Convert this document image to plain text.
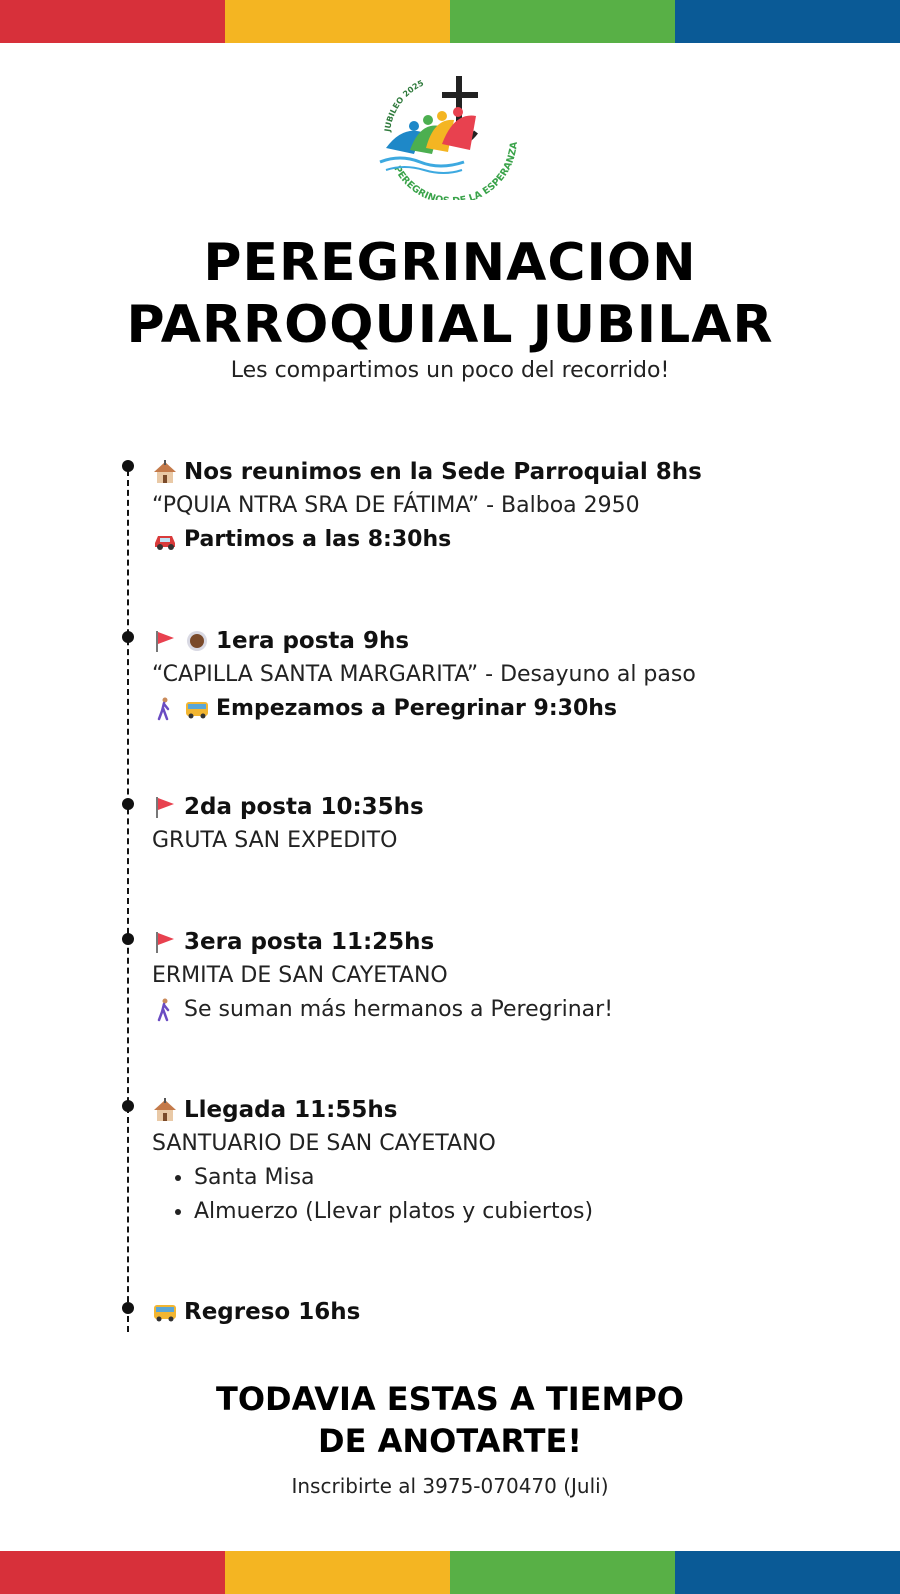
JUBILEO 2025
PEREGRINO LA ESPERANZA
PEREGRINACION
PARROQUIAL JUBILAR
Les compartimos un poco del recorrido!
Nos reunimos en la Sede Parroquial 8hs
“PQUIA NTRA SRA DE FÁTIMA” - Balboa 2950
Partimos a las 8:30hs
1era posta 9hs
“CAPILLA SANTA MARGARITA” - Desayuno al paso
Empezamos a Peregrinar 9:30hs
2da posta 10:35hs
GRUTA SAN EXPEDITO
3era posta 11:25hs
ERMITA DE SAN CAYETANO
Se suman más hermanos a Peregrinar!
Llegada 11:55hs
SANTUARIO DE SAN CAYETANO
• Santa Misa
• Almuerzo (Llevar platos y cubiertos)
Regreso 16hs
TODAVIA ESTAS A TIEMPO
DE ANOTARTE!
Inscribirte al 3975-070470 (Juli)
